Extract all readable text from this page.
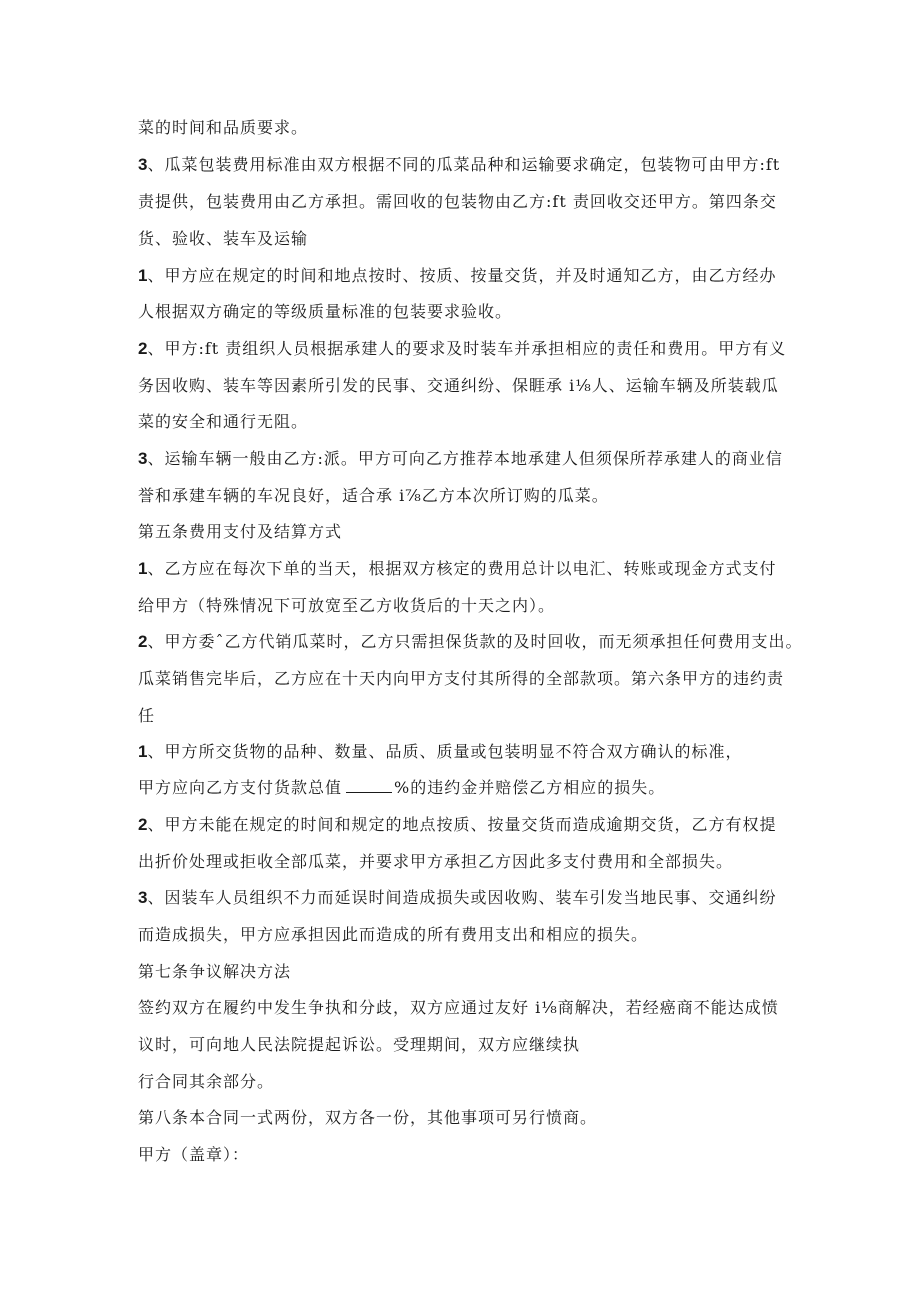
菜的时间和品质要求。
3、瓜菜包装费用标准由双方根据不同的瓜菜品种和运输要求确定，包装物可由甲方:ft
责提供，包装费用由乙方承担。需回收的包装物由乙方:ft 责回收交还甲方。第四条交
货、验收、装车及运输
1、甲方应在规定的时间和地点按时、按质、按量交货，并及时通知乙方，由乙方经办
人根据双方确定的等级质量标准的包装要求验收。
2、甲方:ft 责组织人员根据承建人的要求及时装车并承担相应的责任和费用。甲方有义
务因收购、装车等因素所引发的民事、交通纠纷、保睚承 i⅛人、运输车辆及所装载瓜
菜的安全和通行无阻。
3、运输车辆一般由乙方:派。甲方可向乙方推荐本地承建人但须保所荐承建人的商业信
誉和承建车辆的车况良好，适合承 i⅞乙方本次所订购的瓜菜。
第五条费用支付及结算方式
1、乙方应在每次下单的当天，根据双方核定的费用总计以电汇、转账或现金方式支付
给甲方（特殊情况下可放宽至乙方收货后的十天之内）。
2、甲方委ˆ乙方代销瓜菜时，乙方只需担保货款的及时回收，而无须承担任何费用支出。
瓜菜销售完毕后，乙方应在十天内向甲方支付其所得的全部款项。第六条甲方的违约责
任
1、甲方所交货物的品种、数量、品质、质量或包装明显不符合双方确认的标准，
甲方应向乙方支付货款总值	%的违约金并赔偿乙方相应的损失。
2、甲方未能在规定的时间和规定的地点按质、按量交货而造成逾期交货，乙方有权提
出折价处理或拒收全部瓜菜，并要求甲方承担乙方因此多支付费用和全部损失。
3、因装车人员组织不力而延误时间造成损失或因收购、装车引发当地民事、交通纠纷
而造成损失，甲方应承担因此而造成的所有费用支出和相应的损失。
第七条争议解决方法
签约双方在履约中发生争执和分歧，双方应通过友好 i⅛商解决，若经癌商不能达成愤
议时，可向地人民法院提起诉讼。受理期间，双方应继续执
行合同其余部分。
第八条本合同一式两份，双方各一份，其他事项可另行愤商。
甲方（盖章）：
